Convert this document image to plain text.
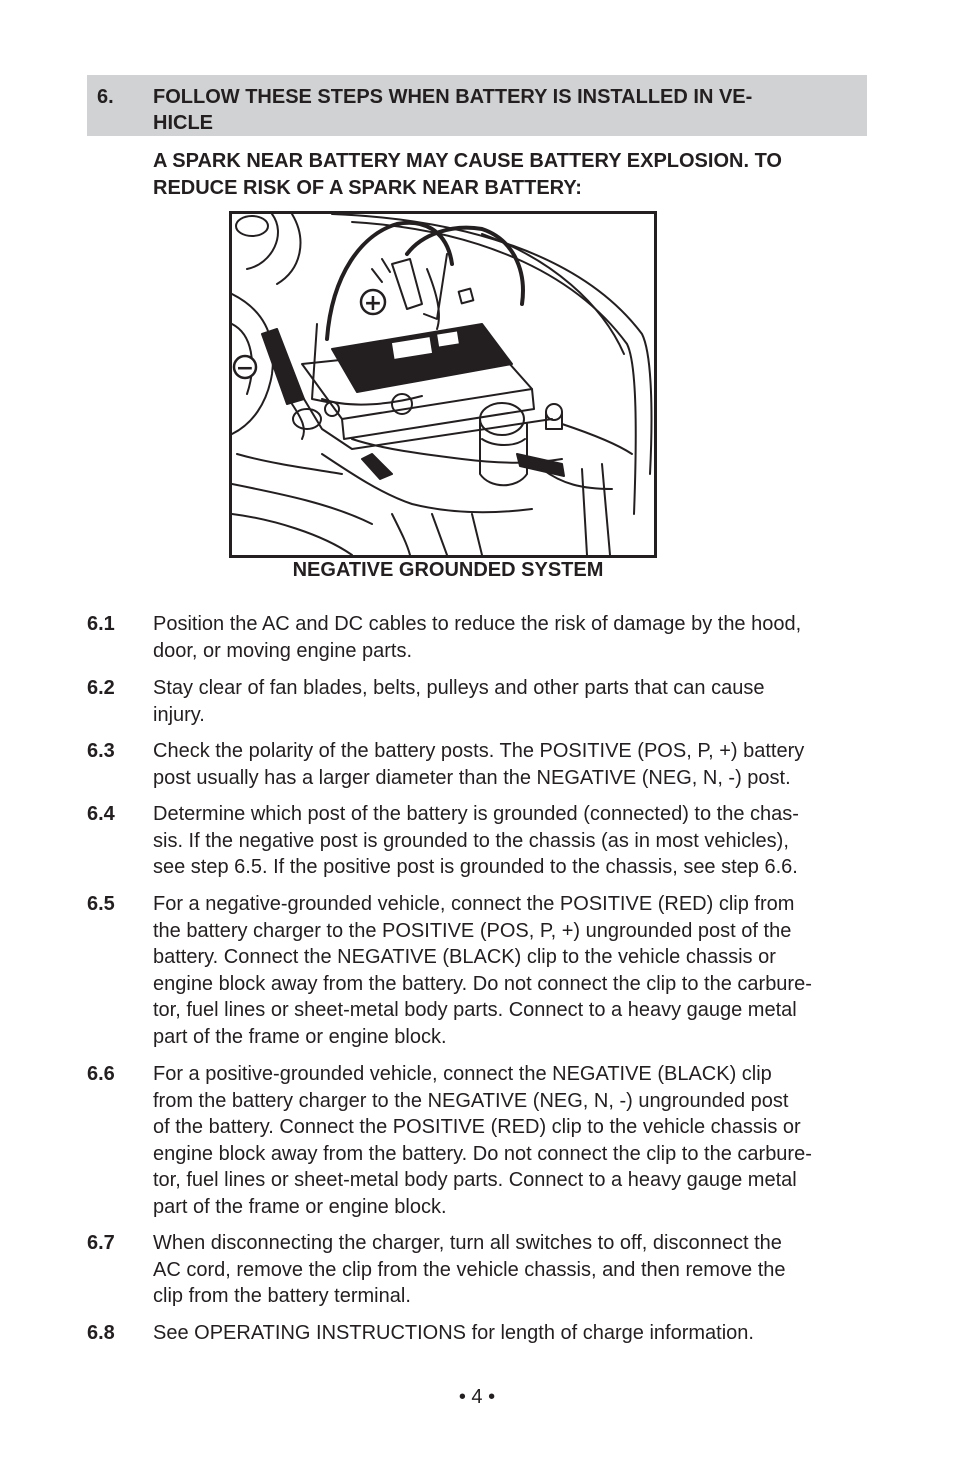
6. FOLLOW THESE STEPS WHEN BATTERY IS INSTALLED IN VE-
HICLE
A SPARK NEAR BATTERY MAY CAUSE BATTERY EXPLOSION. TO
REDUCE RISK OF A SPARK NEAR BATTERY:
+
−
NEGATIVE GROUNDED SYSTEM
6.1 Position the AC and DC cables to reduce the risk of damage by the hood,
door, or moving engine parts.
6.2 Stay clear of fan blades, belts, pulleys and other parts that can cause
injury.
6.3 Check the polarity of the battery posts. The POSITIVE (POS, P, +) battery
post usually has a larger diameter than the NEGATIVE (NEG, N, -) post.
6.4 Determine which post of the battery is grounded (connected) to the chas-
sis. If the negative post is grounded to the chassis (as in most vehicles),
see step 6.5. If the positive post is grounded to the chassis, see step 6.6.
6.5 For a negative-grounded vehicle, connect the POSITIVE (RED) clip from
the battery charger to the POSITIVE (POS, P, +) ungrounded post of the
battery. Connect the NEGATIVE (BLACK) clip to the vehicle chassis or
engine block away from the battery. Do not connect the clip to the carbure-
tor, fuel lines or sheet-metal body parts. Connect to a heavy gauge metal
part of the frame or engine block.
6.6 For a positive-grounded vehicle, connect the NEGATIVE (BLACK) clip
from the battery charger to the NEGATIVE (NEG, N, -) ungrounded post
of the battery. Connect the POSITIVE (RED) clip to the vehicle chassis or
engine block away from the battery. Do not connect the clip to the carbure-
tor, fuel lines or sheet-metal body parts. Connect to a heavy gauge metal
part of the frame or engine block.
6.7 When disconnecting the charger, turn all switches to off, disconnect the
AC cord, remove the clip from the vehicle chassis, and then remove the
clip from the battery terminal.
6.8 See OPERATING INSTRUCTIONS for length of charge information.
• 4 •
